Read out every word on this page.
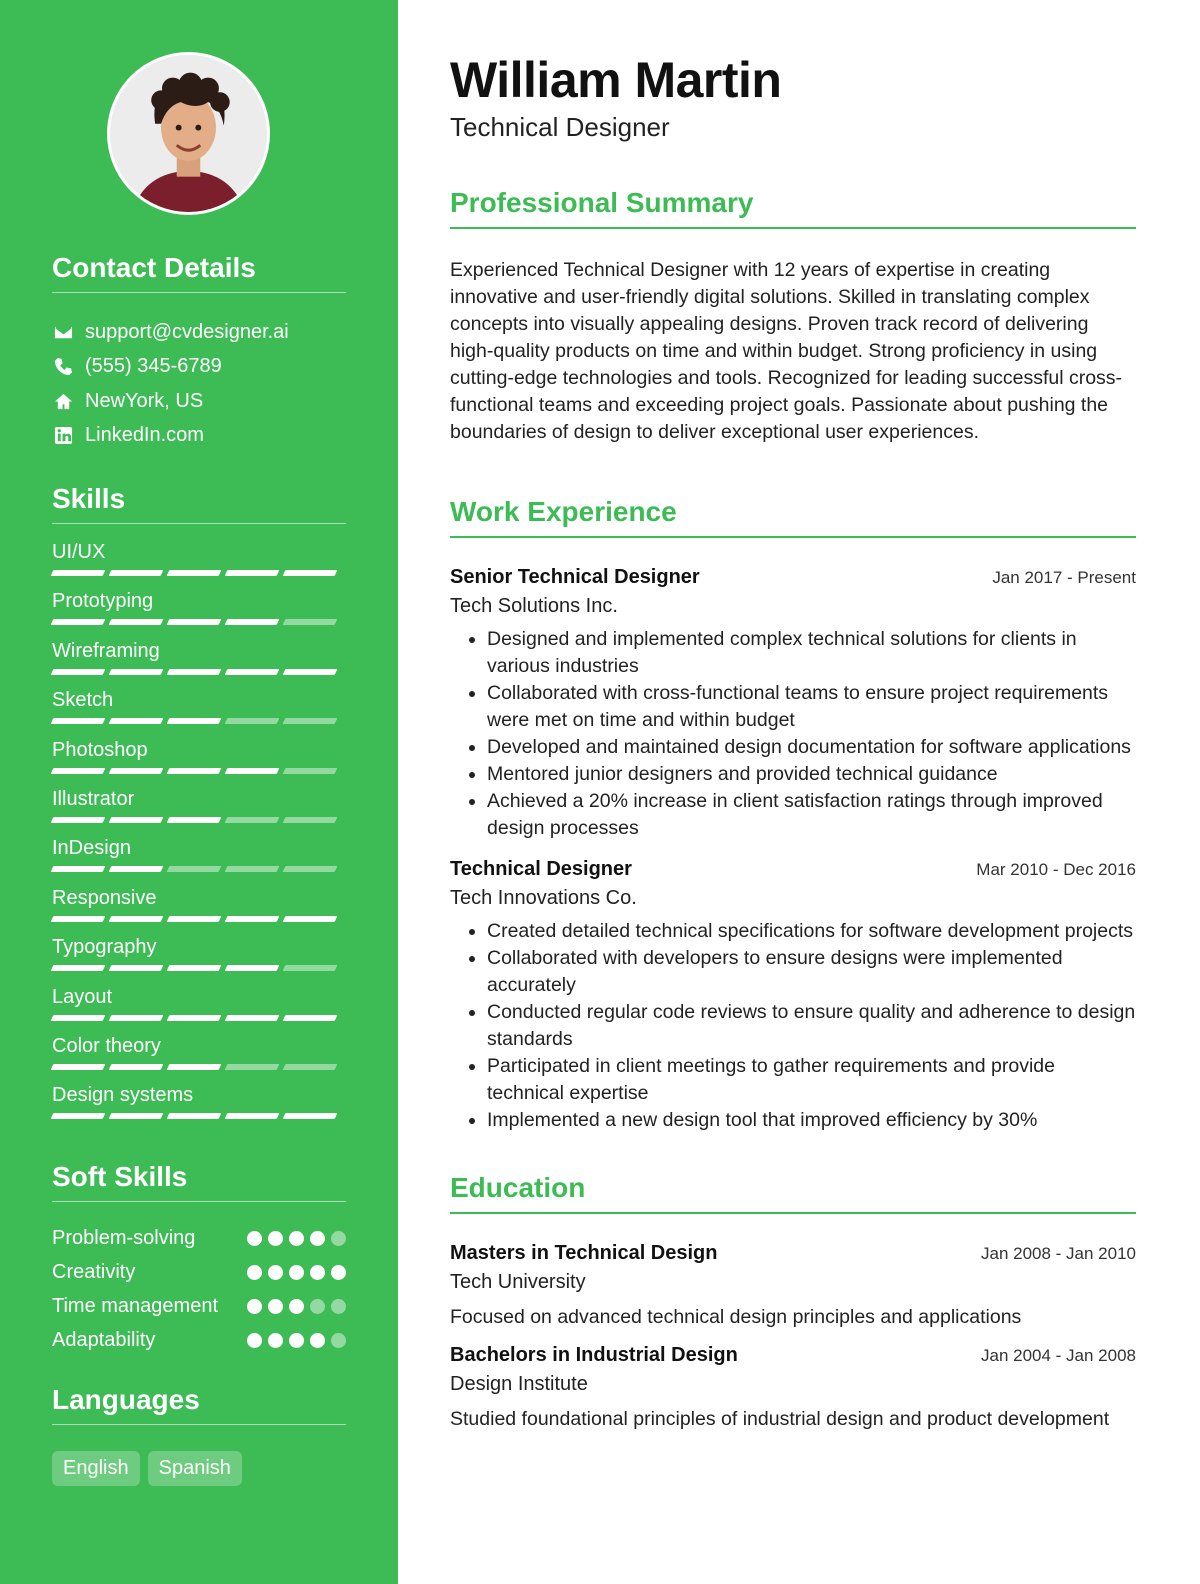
Contact Details
support@cvdesigner.ai
(555) 345-6789
NewYork, US
LinkedIn.com
Skills
UI/UX
Prototyping
Wireframing
Sketch
Photoshop
Illustrator
InDesign
Responsive
Typography
Layout
Color theory
Design systems
Soft Skills
Problem-solving
Creativity
Time management
Adaptability
Languages
English	Spanish
William Martin
Technical Designer
Professional Summary

Experienced Technical Designer with 12 years of expertise in creating innovative and user-friendly digital solutions. Skilled in translating complex concepts into visually appealing designs. Proven track record of delivering high-quality products on time and within budget. Strong proficiency in using cutting-edge technologies and tools. Recognized for leading successful cross-functional teams and exceeding project goals. Passionate about pushing the boundaries of design to deliver exceptional user experiences.

Work Experience
Senior Technical Designer	Jan 2017 - Present
Tech Solutions Inc.
• Designed and implemented complex technical solutions for clients in various industries
• Collaborated with cross-functional teams to ensure project requirements were met on time and within budget
• Developed and maintained design documentation for software applications
• Mentored junior designers and provided technical guidance
• Achieved a 20% increase in client satisfaction ratings through improved design processes
Technical Designer	Mar 2010 - Dec 2016
Tech Innovations Co.
• Created detailed technical specifications for software development projects
• Collaborated with developers to ensure designs were implemented accurately
• Conducted regular code reviews to ensure quality and adherence to design standards
• Participated in client meetings to gather requirements and provide technical expertise
• Implemented a new design tool that improved efficiency by 30%
Education
Masters in Technical Design	Jan 2008 - Jan 2010
Tech University
Focused on advanced technical design principles and applications
Bachelors in Industrial Design	Jan 2004 - Jan 2008
Design Institute
Studied foundational principles of industrial design and product development
